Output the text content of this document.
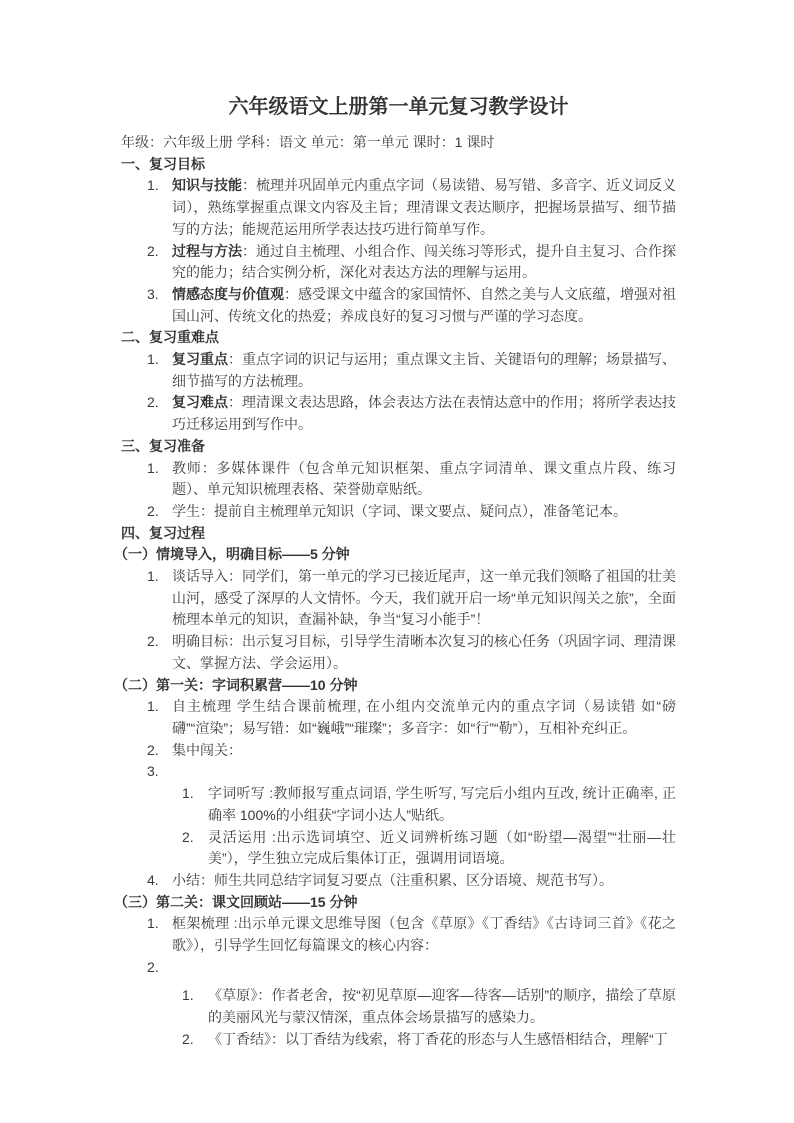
六年级语文上册第一单元复习教学设计

年级：六年级上册 学科：语文 单元：第一单元 课时：1 课时

一、复习目标
1. 知识与技能：梳理并巩固单元内重点字词（易读错、易写错、多音字、近义词反义词），熟练掌握重点课文内容及主旨；理清课文表达顺序，把握场景描写、细节描写的方法；能规范运用所学表达技巧进行简单写作。
2. 过程与方法：通过自主梳理、小组合作、闯关练习等形式，提升自主复习、合作探究的能力；结合实例分析，深化对表达方法的理解与运用。
3. 情感态度与价值观：感受课文中蕴含的家国情怀、自然之美与人文底蕴，增强对祖国山河、传统文化的热爱；养成良好的复习习惯与严谨的学习态度。
二、复习重难点
1. 复习重点：重点字词的识记与运用；重点课文主旨、关键语句的理解；场景描写、细节描写的方法梳理。
2. 复习难点：理清课文表达思路，体会表达方法在表情达意中的作用；将所学表达技巧迁移运用到写作中。
三、复习准备
1. 教师：多媒体课件（包含单元知识框架、重点字词清单、课文重点片段、练习题）、单元知识梳理表格、荣誉勋章贴纸。
2. 学生：提前自主梳理单元知识（字词、课文要点、疑问点），准备笔记本。
四、复习过程
（一）情境导入，明确目标——5 分钟
1. 谈话导入：同学们，第一单元的学习已接近尾声，这一单元我们领略了祖国的壮美山河，感受了深厚的人文情怀。今天，我们就开启一场“单元知识闯关之旅”，全面梳理本单元的知识，查漏补缺，争当“复习小能手”！
2. 明确目标：出示复习目标，引导学生清晰本次复习的核心任务（巩固字词、理清课文、掌握方法、学会运用）。
（二）第一关：字词积累营——10 分钟
1. 自主梳理 学生结合课前梳理, 在小组内交流单元内的重点字词（易读错 如“磅礴”“渲染”；易写错：如“巍峨”“璀璨”；多音字：如“行”“勒”），互相补充纠正。
2. 集中闯关：
3.
1.	字词听写 :教师报写重点词语, 学生听写, 写完后小组内互改, 统计正确率, 正确率 100%的小组获“字词小达人”贴纸。
2.	灵活运用 :出示选词填空、近义词辨析练习题（如“盼望—渴望”“壮丽—壮美”），学生独立完成后集体订正，强调用词语境。
4. 小结：师生共同总结字词复习要点（注重积累、区分语境、规范书写）。
（三）第二关：课文回顾站——15 分钟
1. 框架梳理 :出示单元课文思维导图（包含《草原》《丁香结》《古诗词三首》《花之歌》），引导学生回忆每篇课文的核心内容：
2.
1.	《草原》：作者老舍，按“初见草原—迎客—待客—话别”的顺序，描绘了草原的美丽风光与蒙汉情深，重点体会场景描写的感染力。
2.	《丁香结》：以丁香结为线索，将丁香花的形态与人生感悟相结合，理解“丁
